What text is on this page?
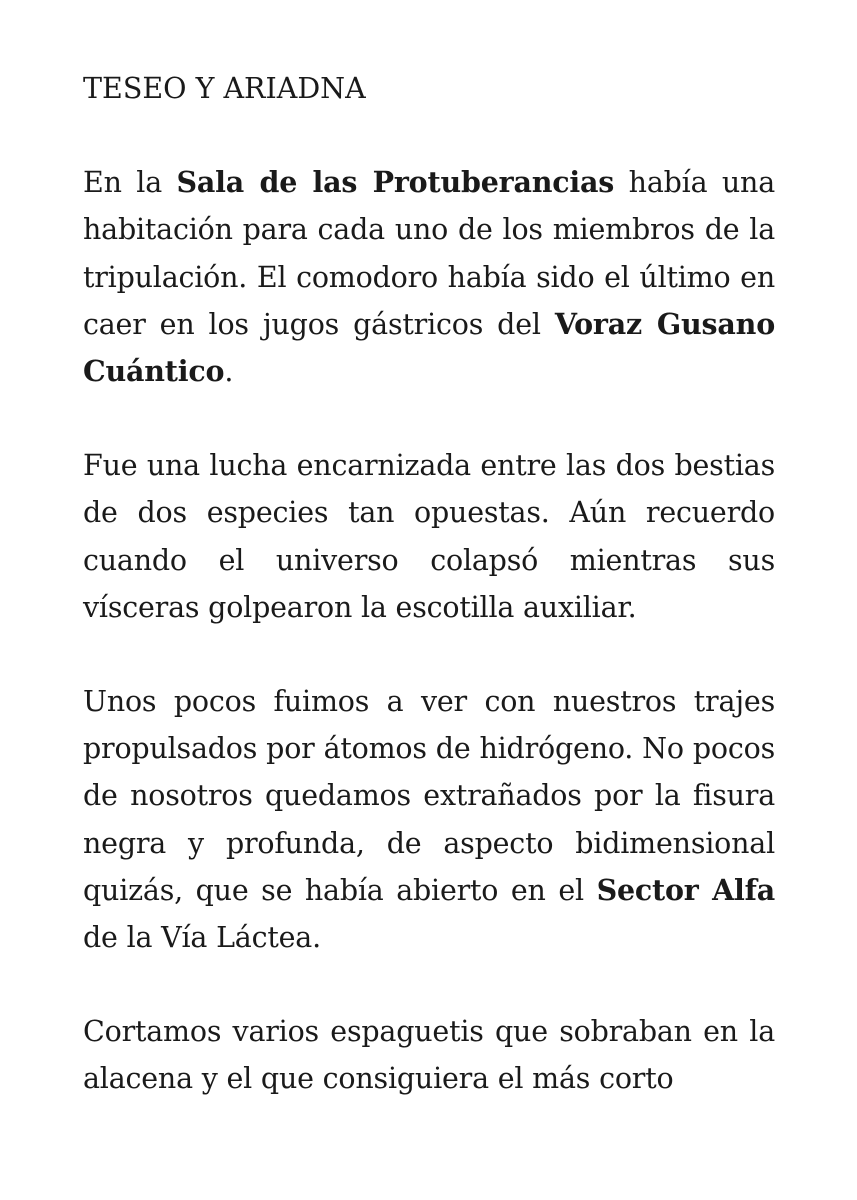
TESEO Y ARIADNA

En la Sala de las Protuberancias había una habitación para cada uno de los miembros de la tripulación. El comodoro había sido el último en caer en los jugos gástricos del Voraz Gusano Cuántico.

Fue una lucha encarnizada entre las dos bestias de dos especies tan opuestas. Aún recuerdo cuando el universo colapsó mientras sus vísceras golpearon la escotilla auxiliar.

Unos pocos fuimos a ver con nuestros trajes propulsados por átomos de hidrógeno. No pocos de nosotros quedamos extrañados por la fisura negra y profunda, de aspecto bidimensional quizás, que se había abierto en el Sector Alfa de la Vía Láctea.

Cortamos varios espaguetis que sobraban en la alacena y el que consiguiera el más corto
